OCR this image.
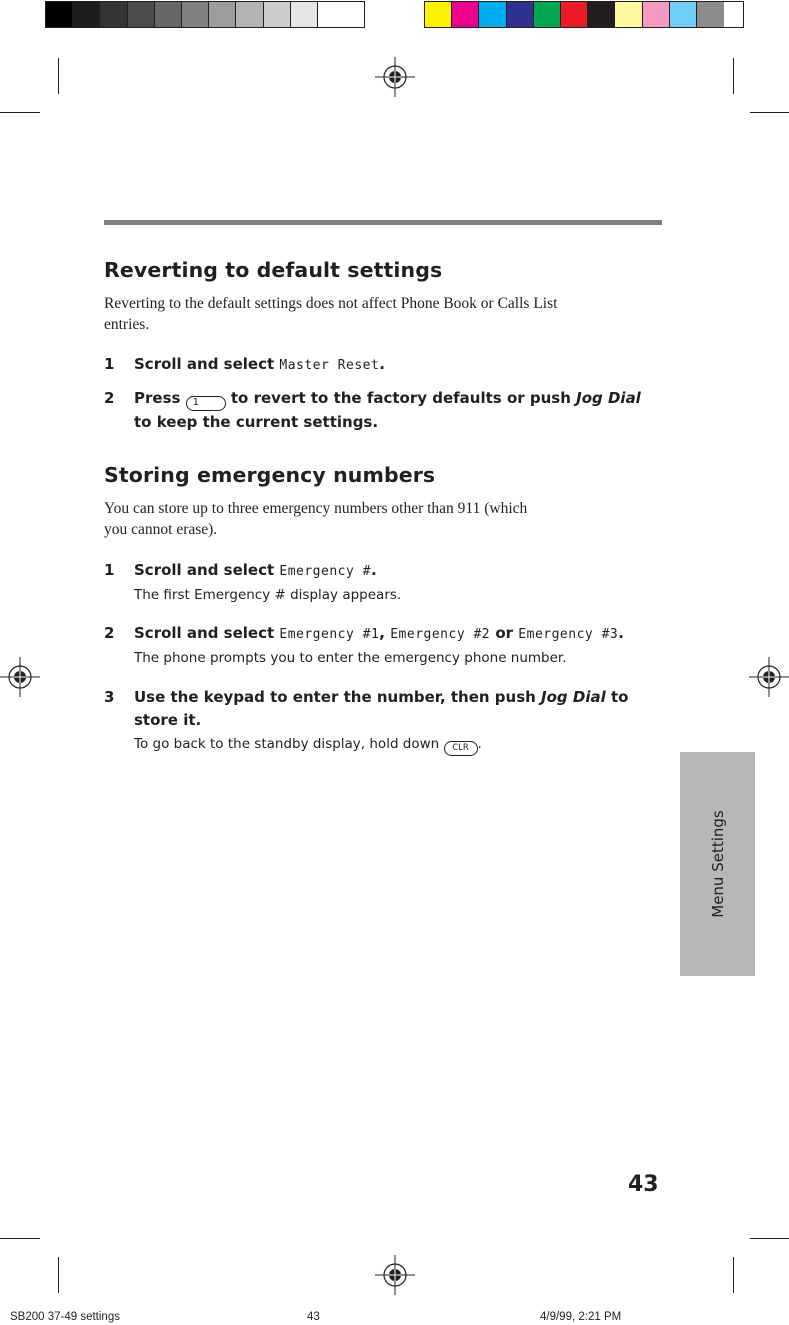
Reverting to default settings

Reverting to the default settings does not affect Phone Book or Calls List
entries.

1 Scroll and select Master Reset.
2 Press 1 to revert to the factory defaults or push Jog Dial
to keep the current settings.
Storing emergency numbers

You can store up to three emergency numbers other than 911 (which
you cannot erase).

1 Scroll and select Emergency #.
The first Emergency # display appears.
2 Scroll and select Emergency #1, Emergency #2 or Emergency #3.
The phone prompts you to enter the emergency phone number.
3 Use the keypad to enter the number, then push Jog Dial to
store it.
To go back to the standby display, hold down CLR .
Menu Settings
43
SB200 37-49 settings	43	4/9/99, 2:21 PM
